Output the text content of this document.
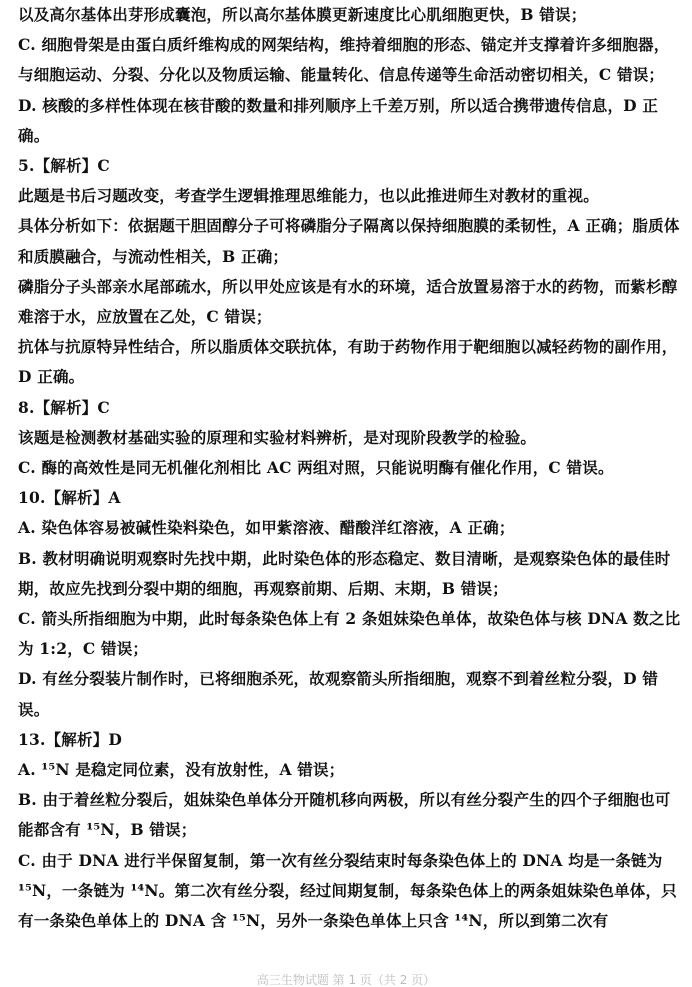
以及高尔基体出芽形成囊泡，所以高尔基体膜更新速度比心肌细胞更快，B 错误；
C. 细胞骨架是由蛋白质纤维构成的网架结构，维持着细胞的形态、锚定并支撑着许多细胞器，与细胞运动、分裂、分化以及物质运输、能量转化、信息传递等生命活动密切相关，C 错误；
D. 核酸的多样性体现在核苷酸的数量和排列顺序上千差万别，所以适合携带遗传信息，D 正确。
5.【解析】C
此题是书后习题改变，考查学生逻辑推理思维能力，也以此推进师生对教材的重视。
具体分析如下：依据题干胆固醇分子可将磷脂分子隔离以保持细胞膜的柔韧性，A 正确；脂质体和质膜融合，与流动性相关，B 正确；
磷脂分子头部亲水尾部疏水，所以甲处应该是有水的环境，适合放置易溶于水的药物，而紫杉醇难溶于水，应放置在乙处，C 错误；
抗体与抗原特异性结合，所以脂质体交联抗体，有助于药物作用于靶细胞以减轻药物的副作用，D 正确。
8.【解析】C
该题是检测教材基础实验的原理和实验材料辨析，是对现阶段教学的检验。
C. 酶的高效性是同无机催化剂相比 AC 两组对照，只能说明酶有催化作用，C 错误。
10.【解析】A
A. 染色体容易被碱性染料染色，如甲紫溶液、醋酸洋红溶液，A 正确；
B. 教材明确说明观察时先找中期，此时染色体的形态稳定、数目清晰，是观察染色体的最佳时期，故应先找到分裂中期的细胞，再观察前期、后期、末期，B 错误；
C. 箭头所指细胞为中期，此时每条染色体上有 2 条姐妹染色单体，故染色体与核 DNA 数之比为 1:2，C 错误；
D. 有丝分裂装片制作时，已将细胞杀死，故观察箭头所指细胞，观察不到着丝粒分裂，D 错误。
13.【解析】D
A. ¹⁵N 是稳定同位素，没有放射性，A 错误；
B. 由于着丝粒分裂后，姐妹染色单体分开随机移向两极，所以有丝分裂产生的四个子细胞也可能都含有 ¹⁵N，B 错误；
C. 由于 DNA 进行半保留复制，第一次有丝分裂结束时每条染色体上的 DNA 均是一条链为 ¹⁵N，一条链为 ¹⁴N。第二次有丝分裂，经过间期复制，每条染色体上的两条姐妹染色单体，只有一条染色单体上的 DNA 含 ¹⁵N，另外一条染色单体上只含 ¹⁴N，所以到第二次有
高三生物试题 第 1 页（共 2 页）
